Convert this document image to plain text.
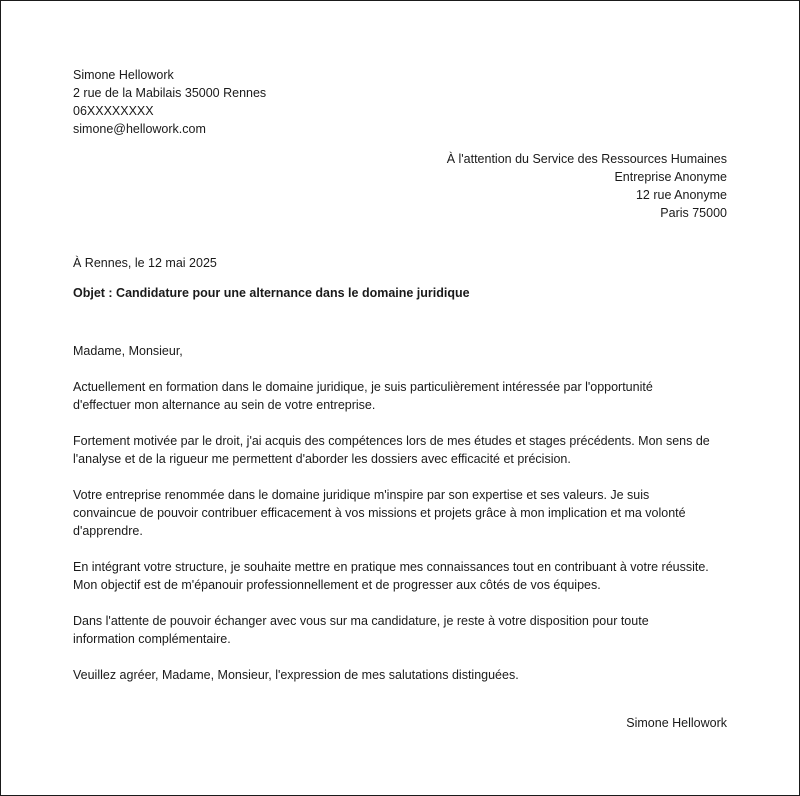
Simone Hellowork
2 rue de la Mabilais 35000 Rennes
06XXXXXXXX
simone@hellowork.com
À l'attention du Service des Ressources Humaines
Entreprise Anonyme
12 rue Anonyme
Paris 75000
À Rennes, le 12 mai 2025
Objet : Candidature pour une alternance dans le domaine juridique

Madame, Monsieur,

Actuellement en formation dans le domaine juridique, je suis particulièrement intéressée par l'opportunité
d'effectuer mon alternance au sein de votre entreprise.

Fortement motivée par le droit, j'ai acquis des compétences lors de mes études et stages précédents. Mon sens de
l'analyse et de la rigueur me permettent d'aborder les dossiers avec efficacité et précision.

Votre entreprise renommée dans le domaine juridique m'inspire par son expertise et ses valeurs. Je suis
convaincue de pouvoir contribuer efficacement à vos missions et projets grâce à mon implication et ma volonté
d'apprendre.

En intégrant votre structure, je souhaite mettre en pratique mes connaissances tout en contribuant à votre réussite.
Mon objectif est de m'épanouir professionnellement et de progresser aux côtés de vos équipes.

Dans l'attente de pouvoir échanger avec vous sur ma candidature, je reste à votre disposition pour toute
information complémentaire.

Veuillez agréer, Madame, Monsieur, l'expression de mes salutations distinguées.

Simone Hellowork
